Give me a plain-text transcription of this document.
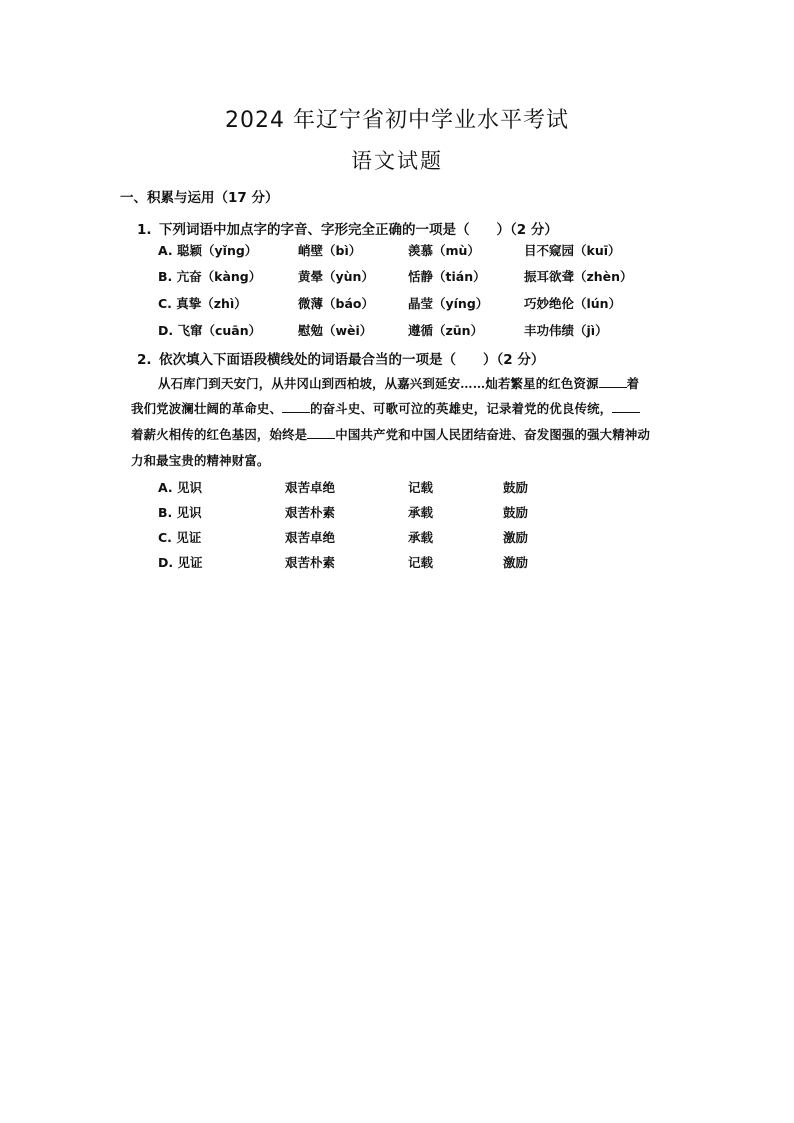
2024 年辽宁省初中学业水平考试
语文试题
一、积累与运用（17 分）
1. 下列词语中加点字的字音、字形完全正确的一项是（　　）（2 分）
A. 聪颖（yǐng）	峭壁（bì）	羡慕（mù）	目不窥园（kuī）
B. 亢奋（kàng）	黄晕（yùn）	恬静（tián）	振耳欲聋（zhèn）
C. 真挚（zhì）	微薄（báo）	晶莹（yíng）	巧妙绝伦（lún）
D. 飞窜（cuān）	慰勉（wèi）	遵循（zūn）	丰功伟绩（jì）
2. 依次填入下面语段横线处的词语最合当的一项是（　　）（2 分）
从石库门到天安门，从井冈山到西柏坡，从嘉兴到延安……灿若繁星的红色资源 着
我们党波澜壮阔的革命史、 的奋斗史、可歌可泣的英雄史，记录着党的优良传统，
着薪火相传的红色基因，始终是 中国共产党和中国人民团结奋进、奋发图强的强大精神动
力和最宝贵的精神财富。
A. 见识	艰苦卓绝	记载	鼓励
B. 见识	艰苦朴素	承载	鼓励
C. 见证	艰苦卓绝	承载	激励
D. 见证	艰苦朴素	记载	激励
